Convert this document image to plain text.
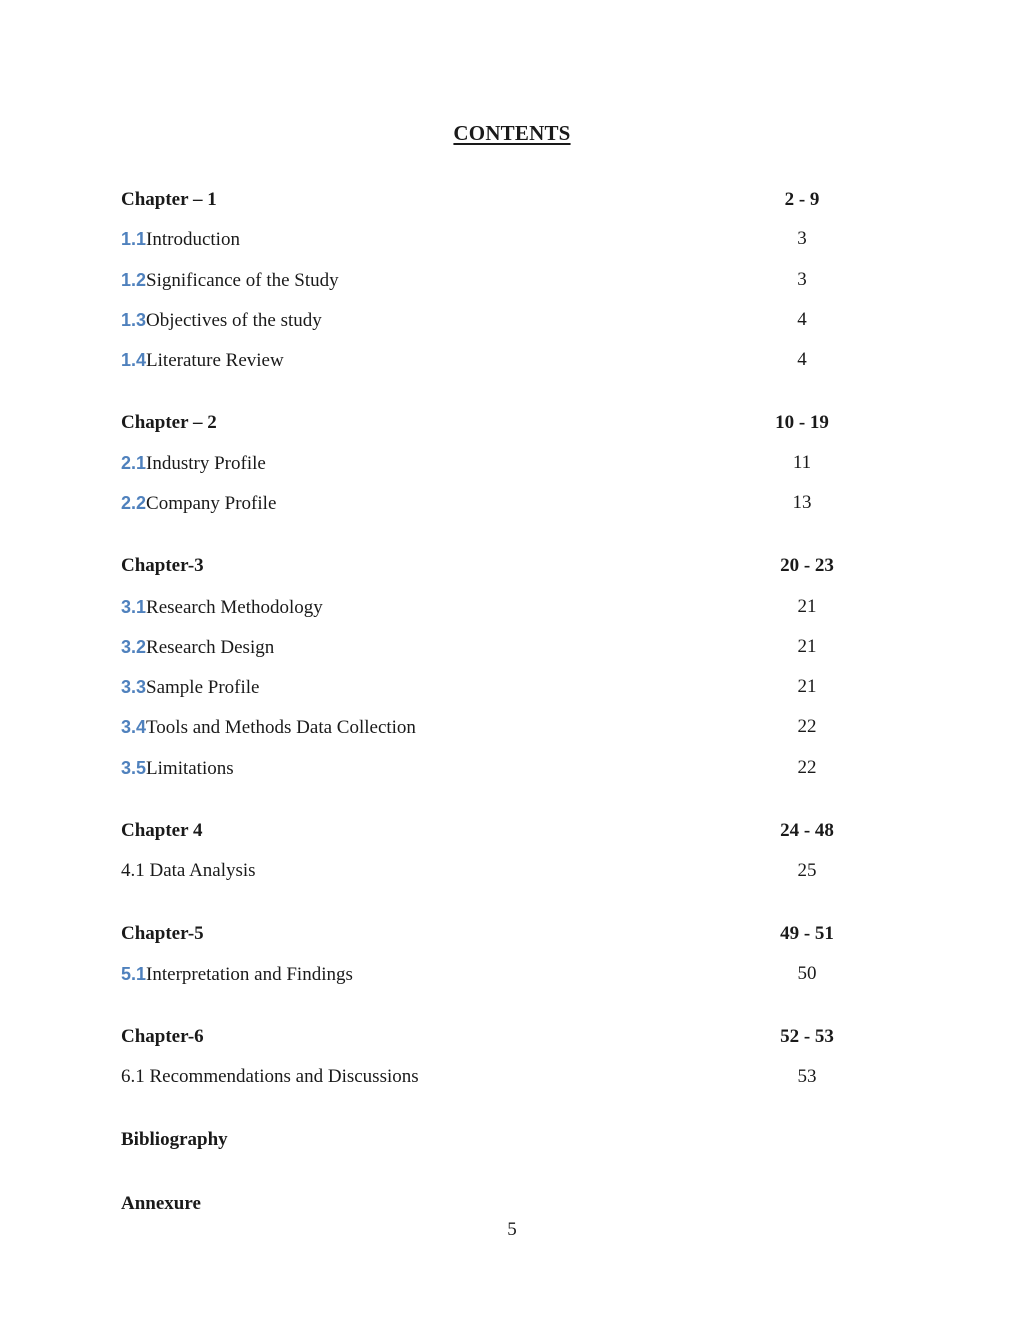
CONTENTS
Chapter – 1	2 - 9
1.1Introduction	3
1.2Significance of the Study	3
1.3Objectives of the study	4
1.4Literature Review	4
Chapter – 2	10 - 19
2.1Industry Profile	11
2.2Company Profile	13
Chapter-3	20 - 23
3.1Research Methodology	21
3.2Research Design	21
3.3Sample Profile	21
3.4Tools and Methods Data Collection	22
3.5Limitations	22
Chapter 4	24 - 48
4.1 Data Analysis	25
Chapter-5	49 - 51
5.1Interpretation and Findings	50
Chapter-6	52 - 53
6.1 Recommendations and Discussions	53
Bibliography
Annexure
5
